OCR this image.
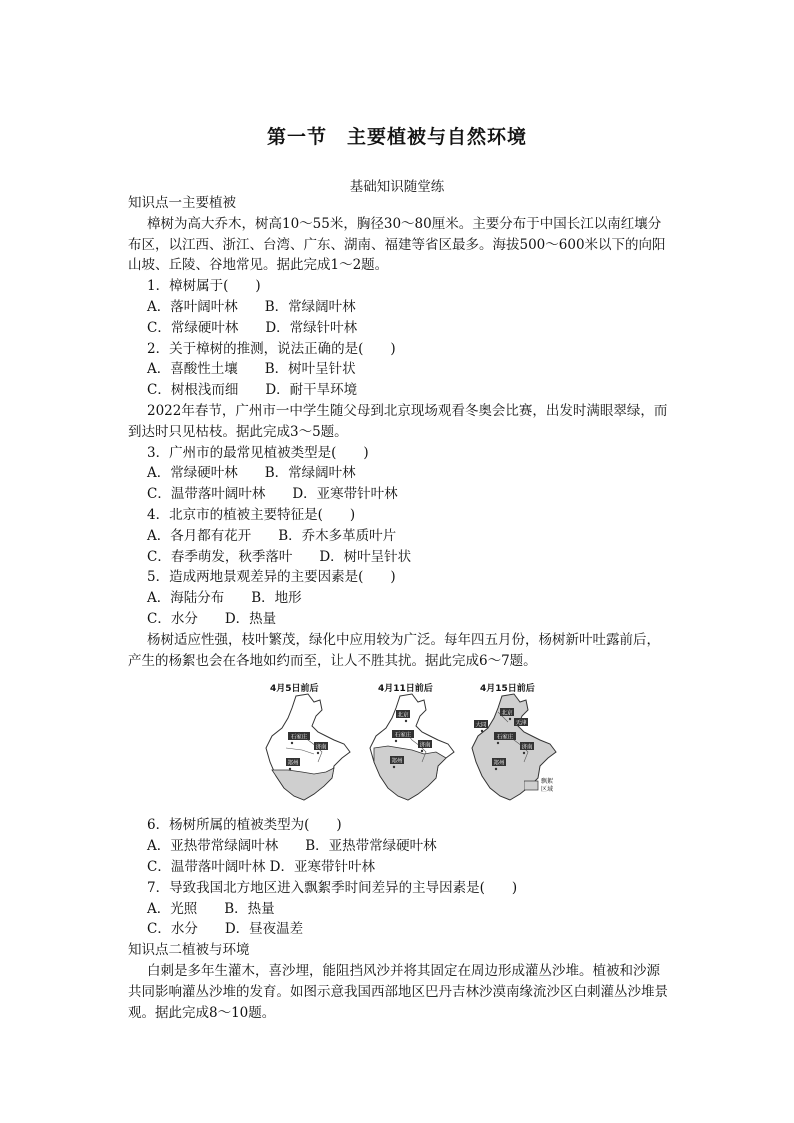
第一节　主要植被与自然环境
基础知识随堂练
知识点一主要植被
樟树为高大乔木，树高10～55米，胸径30～80厘米。主要分布于中国长江以南红壤分布区，以江西、浙江、台湾、广东、湖南、福建等省区最多。海拔500～600米以下的向阳山坡、丘陵、谷地常见。据此完成1～2题。
1．樟树属于(　　)
A．落叶阔叶林　　B．常绿阔叶林
C．常绿硬叶林　　D．常绿针叶林
2．关于樟树的推测，说法正确的是(　　)
A．喜酸性土壤　　B．树叶呈针状
C．树根浅而细　　D．耐干旱环境
2022年春节，广州市一中学生随父母到北京现场观看冬奥会比赛，出发时满眼翠绿，而到达时只见枯枝。据此完成3～5题。
3．广州市的最常见植被类型是(　　)
A．常绿硬叶林　　B．常绿阔叶林
C．温带落叶阔叶林　　D．亚寒带针叶林
4．北京市的植被主要特征是(　　)
A．各月都有花开　　B．乔木多革质叶片
C．春季萌发，秋季落叶　　D．树叶呈针状
5．造成两地景观差异的主要因素是(　　)
A．海陆分布　　B．地形
C．水分　　D．热量
杨树适应性强，枝叶繁茂，绿化中应用较为广泛。每年四五月份，杨树新叶吐露前后，产生的杨絮也会在各地如约而至，让人不胜其扰。据此完成6～7题。
4月5日前后
石家庄
济南
郑州
4月11日前后
北京
石家庄
济南
郑州
4月15日前后
大同
北京
天津
石家庄
济南
郑州
飘絮
区域
6．杨树所属的植被类型为(　　)
A．亚热带常绿阔叶林　　B．亚热带常绿硬叶林
C．温带落叶阔叶林 D．亚寒带针叶林
7．导致我国北方地区进入飘絮季时间差异的主导因素是(　　)
A．光照　　B．热量
C．水分　　D．昼夜温差
知识点二植被与环境
白刺是多年生灌木，喜沙埋，能阻挡风沙并将其固定在周边形成灌丛沙堆。植被和沙源共同影响灌丛沙堆的发育。如图示意我国西部地区巴丹吉林沙漠南缘流沙区白刺灌丛沙堆景观。据此完成8～10题。
